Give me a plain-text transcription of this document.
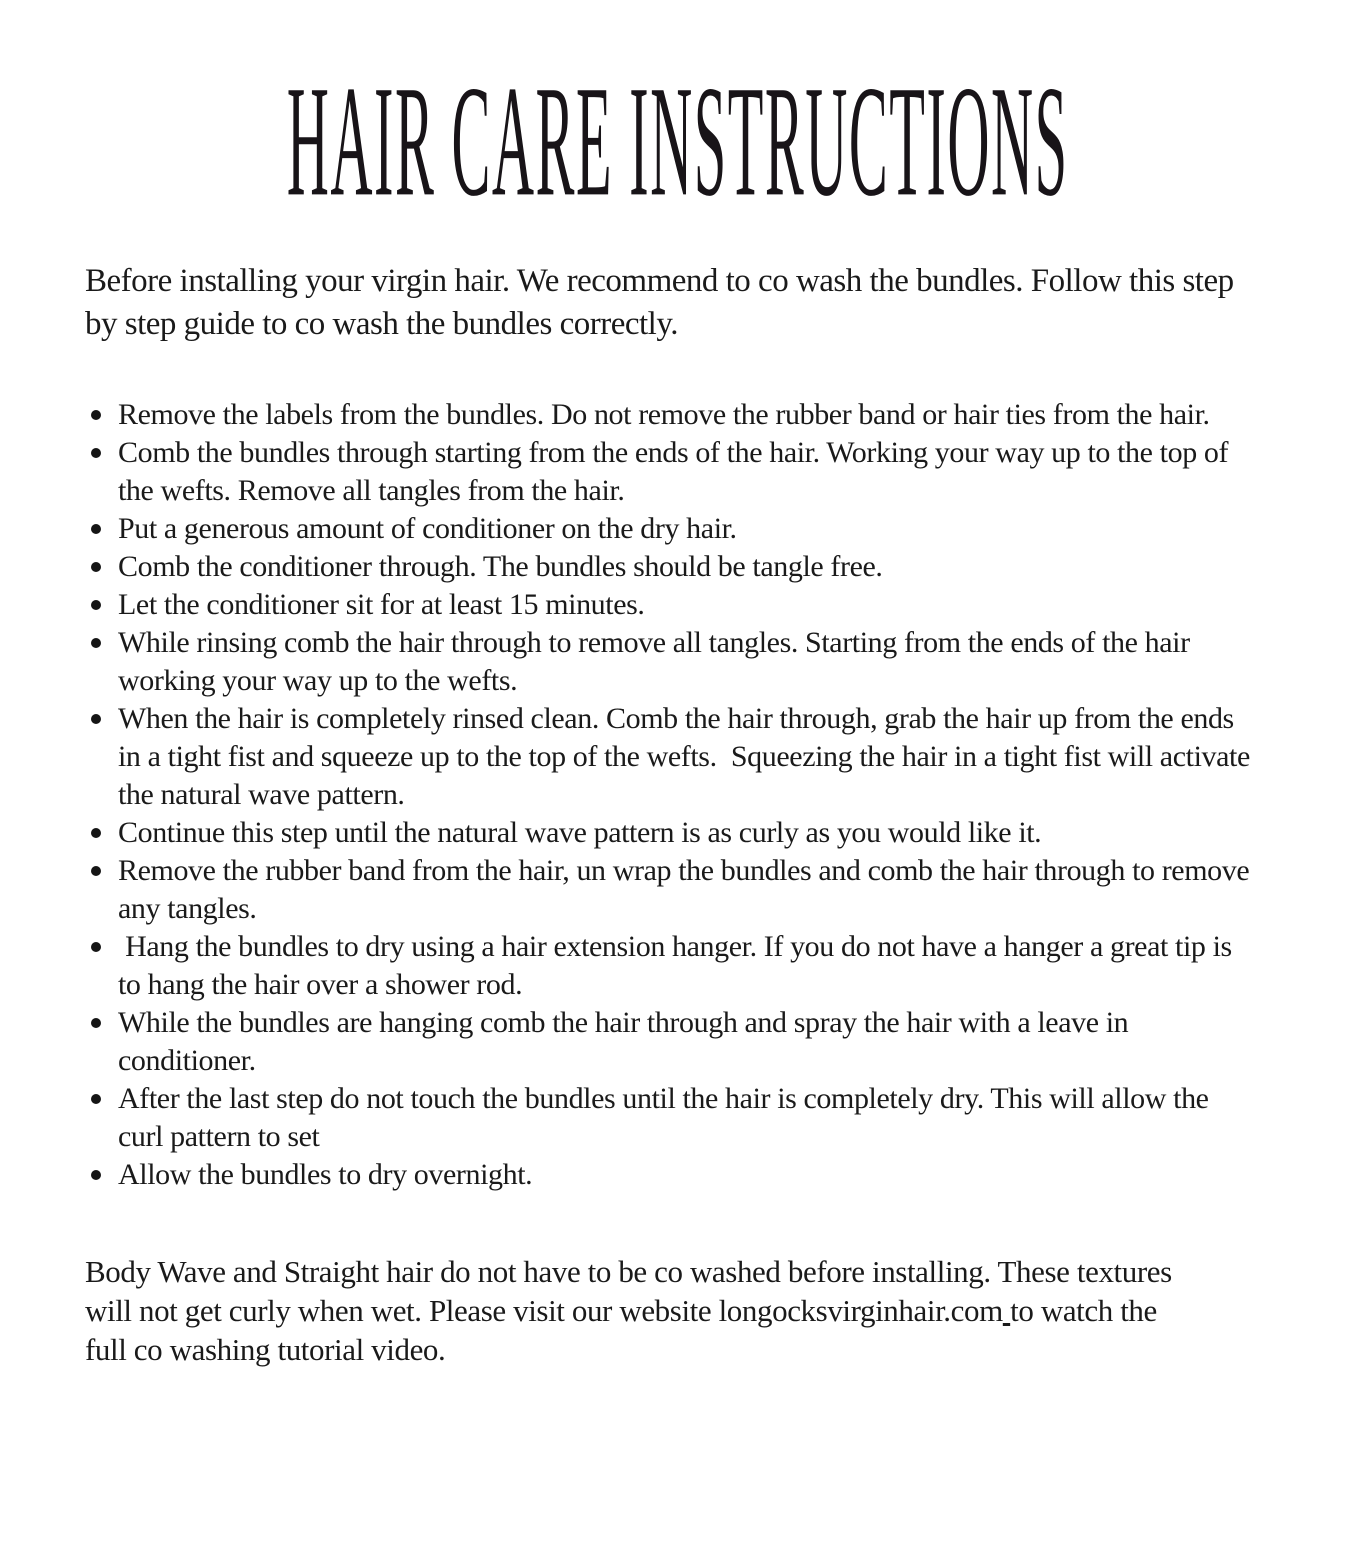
HAIR CARE INSTRUCTIONS

Before installing your virgin hair. We recommend to co wash the bundles. Follow this step by step guide to co wash the bundles correctly.

Remove the labels from the bundles. Do not remove the rubber band or hair ties from the hair.
Comb the bundles through starting from the ends of the hair. Working your way up to the top of the wefts. Remove all tangles from the hair.
Put a generous amount of conditioner on the dry hair.
Comb the conditioner through. The bundles should be tangle free.
Let the conditioner sit for at least 15 minutes.
While rinsing comb the hair through to remove all tangles. Starting from the ends of the hair working your way up to the wefts.
When the hair is completely rinsed clean. Comb the hair through, grab the hair up from the ends in a tight fist and squeeze up to the top of the wefts.  Squeezing the hair in a tight fist will activate the natural wave pattern.
Continue this step until the natural wave pattern is as curly as you would like it.
Remove the rubber band from the hair, un wrap the bundles and comb the hair through to remove any tangles.
Hang the bundles to dry using a hair extension hanger. If you do not have a hanger a great tip is to hang the hair over a shower rod.
While the bundles are hanging comb the hair through and spray the hair with a leave in conditioner.
After the last step do not touch the bundles until the hair is completely dry. This will allow the curl pattern to set
Allow the bundles to dry overnight.

Body Wave and Straight hair do not have to be co washed before installing. These textures will not get curly when wet. Please visit our website longocksvirginhair.com to watch the full co washing tutorial video.
